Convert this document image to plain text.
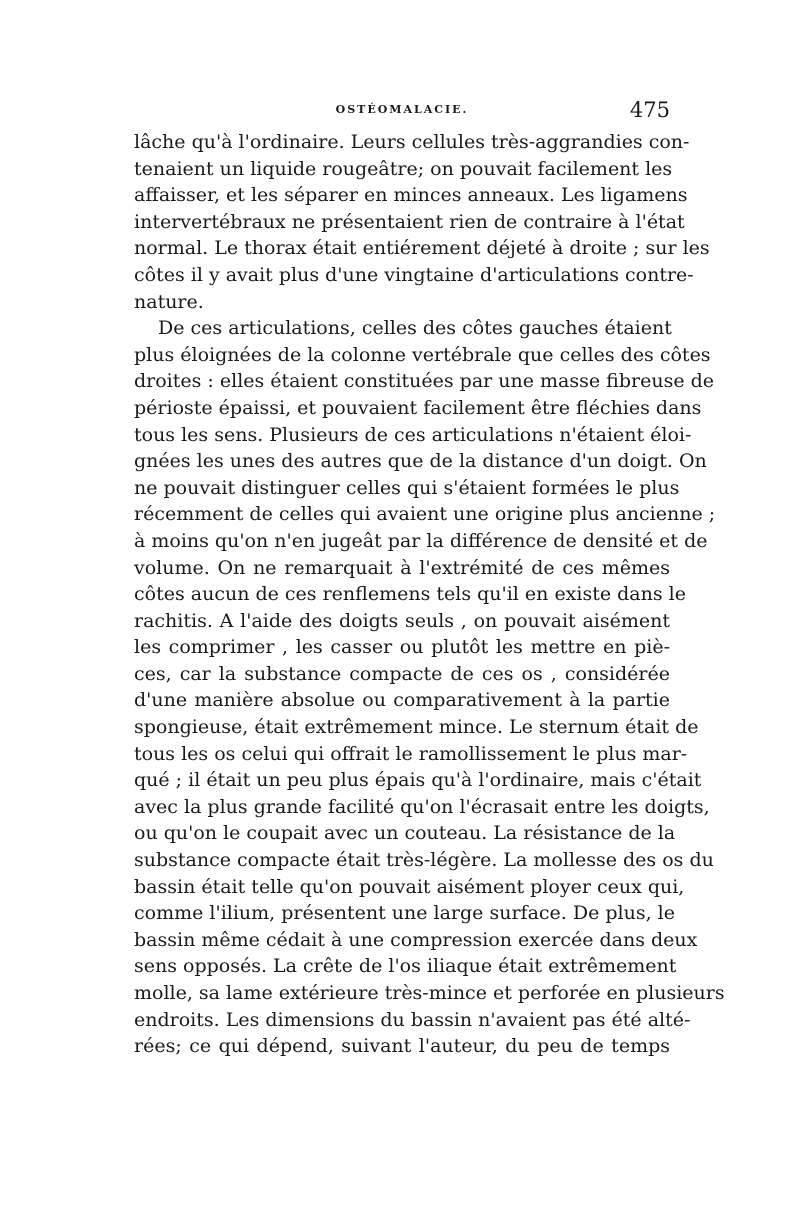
OSTÉOMALACIE.	475
lâche qu'à l'ordinaire. Leurs cellules très-aggrandies con-
tenaient un liquide rougeâtre; on pouvait facilement les
affaisser, et les séparer en minces anneaux. Les ligamens
intervertébraux ne présentaient rien de contraire à l'état
normal. Le thorax était entiérement déjeté à droite ; sur les
côtes il y avait plus d'une vingtaine d'articulations contre-
nature.
De ces articulations, celles des côtes gauches étaient
plus éloignées de la colonne vertébrale que celles des côtes
droites : elles étaient constituées par une masse fibreuse de
périoste épaissi, et pouvaient facilement être fléchies dans
tous les sens. Plusieurs de ces articulations n'étaient éloi-
gnées les unes des autres que de la distance d'un doigt. On
ne pouvait distinguer celles qui s'étaient formées le plus
récemment de celles qui avaient une origine plus ancienne ;
à moins qu'on n'en jugeât par la différence de densité et de
volume. On ne remarquait à l'extrémité de ces mêmes
côtes aucun de ces renflemens tels qu'il en existe dans le
rachitis. A l'aide des doigts seuls , on pouvait aisément
les comprimer , les casser ou plutôt les mettre en piè-
ces, car la substance compacte de ces os , considérée
d'une manière absolue ou comparativement à la partie
spongieuse, était extrêmement mince. Le sternum était de
tous les os celui qui offrait le ramollissement le plus mar-
qué ; il était un peu plus épais qu'à l'ordinaire, mais c'était
avec la plus grande facilité qu'on l'écrasait entre les doigts,
ou qu'on le coupait avec un couteau. La résistance de la
substance compacte était très-légère. La mollesse des os du
bassin était telle qu'on pouvait aisément ployer ceux qui,
comme l'ilium, présentent une large surface. De plus, le
bassin même cédait à une compression exercée dans deux
sens opposés. La crête de l'os iliaque était extrêmement
molle, sa lame extérieure très-mince et perforée en plusieurs
endroits. Les dimensions du bassin n'avaient pas été alté-
rées; ce qui dépend, suivant l'auteur, du peu de temps
